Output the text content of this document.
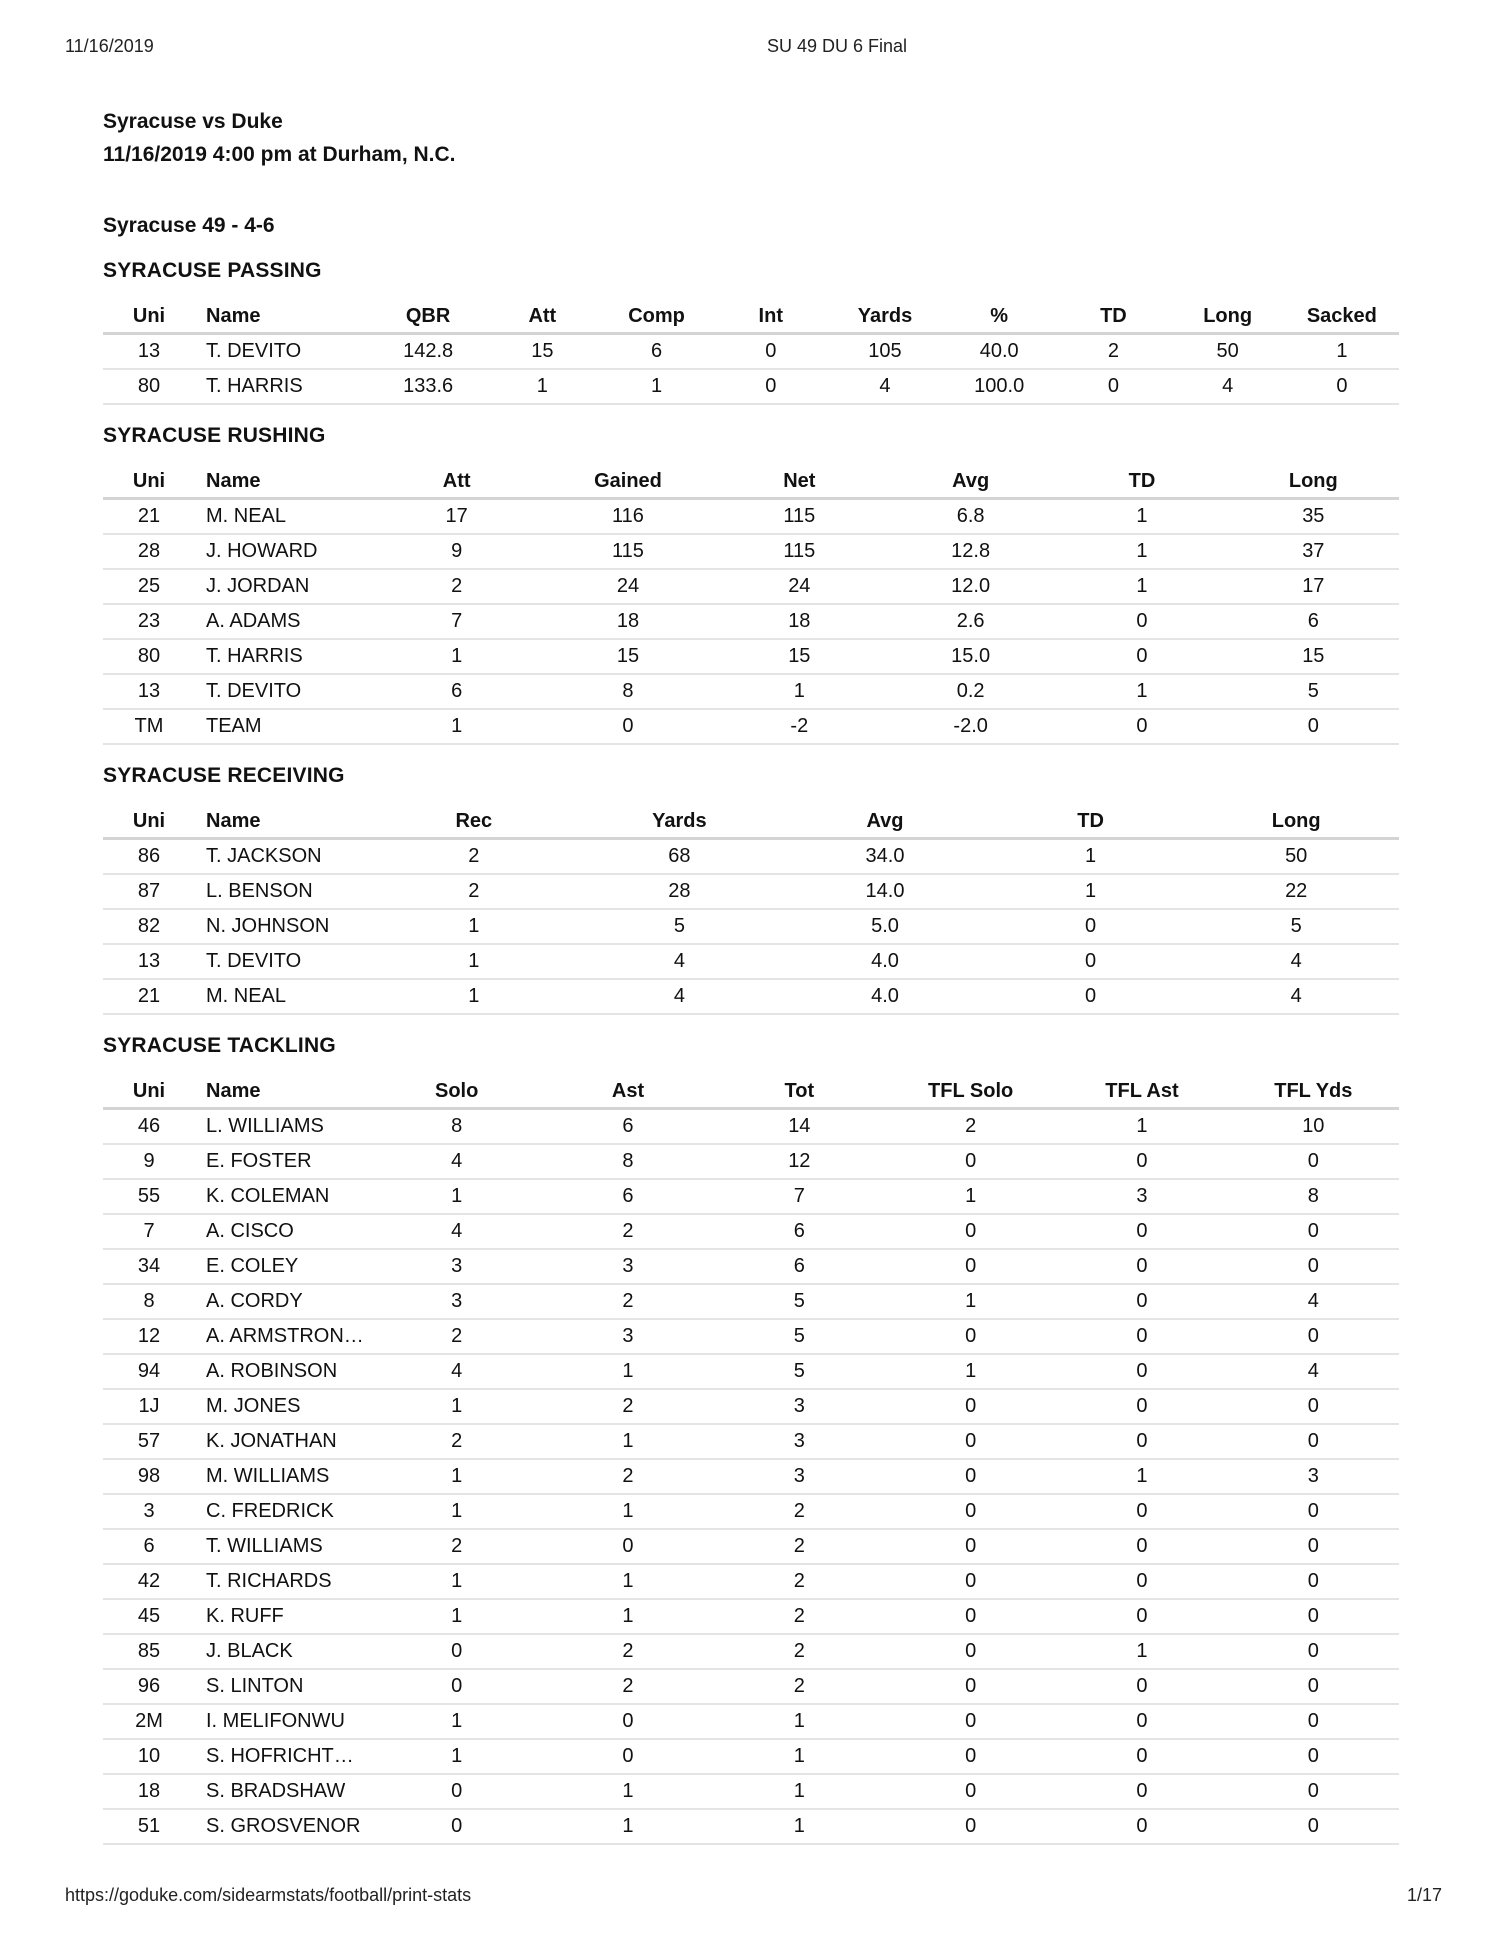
11/16/2019	SU 49 DU 6 Final
Syracuse vs Duke
11/16/2019 4:00 pm at Durham, N.C.
Syracuse 49 - 4-6
SYRACUSE PASSING
Uni	Name	QBR	Att	Comp	Int	Yards	%	TD	Long	Sacked
13	T. DEVITO	142.8	15	6	0	105	40.0	2	50	1
80	T. HARRIS	133.6	1	1	0	4	100.0	0	4	0
SYRACUSE RUSHING
Uni	Name	Att	Gained	Net	Avg	TD	Long
21	M. NEAL	17	116	115	6.8	1	35
28	J. HOWARD	9	115	115	12.8	1	37
25	J. JORDAN	2	24	24	12.0	1	17
23	A. ADAMS	7	18	18	2.6	0	6
80	T. HARRIS	1	15	15	15.0	0	15
13	T. DEVITO	6	8	1	0.2	1	5
TM	TEAM	1	0	-2	-2.0	0	0
SYRACUSE RECEIVING
Uni	Name	Rec	Yards	Avg	TD	Long
86	T. JACKSON	2	68	34.0	1	50
87	L. BENSON	2	28	14.0	1	22
82	N. JOHNSON	1	5	5.0	0	5
13	T. DEVITO	1	4	4.0	0	4
21	M. NEAL	1	4	4.0	0	4
SYRACUSE TACKLING
Uni	Name	Solo	Ast	Tot	TFL Solo	TFL Ast	TFL Yds
46	L. WILLIAMS	8	6	14	2	1	10
9	E. FOSTER	4	8	12	0	0	0
55	K. COLEMAN	1	6	7	1	3	8
7	A. CISCO	4	2	6	0	0	0
34	E. COLEY	3	3	6	0	0	0
8	A. CORDY	3	2	5	1	0	4
12	A. ARMSTRON…	2	3	5	0	0	0
94	A. ROBINSON	4	1	5	1	0	4
1J	M. JONES	1	2	3	0	0	0
57	K. JONATHAN	2	1	3	0	0	0
98	M. WILLIAMS	1	2	3	0	1	3
3	C. FREDRICK	1	1	2	0	0	0
6	T. WILLIAMS	2	0	2	0	0	0
42	T. RICHARDS	1	1	2	0	0	0
45	K. RUFF	1	1	2	0	0	0
85	J. BLACK	0	2	2	0	1	0
96	S. LINTON	0	2	2	0	0	0
2M	I. MELIFONWU	1	0	1	0	0	0
10	S. HOFRICHT…	1	0	1	0	0	0
18	S. BRADSHAW	0	1	1	0	0	0
51	S. GROSVENOR	0	1	1	0	0	0
https://goduke.com/sidearmstats/football/print-stats	1/17
